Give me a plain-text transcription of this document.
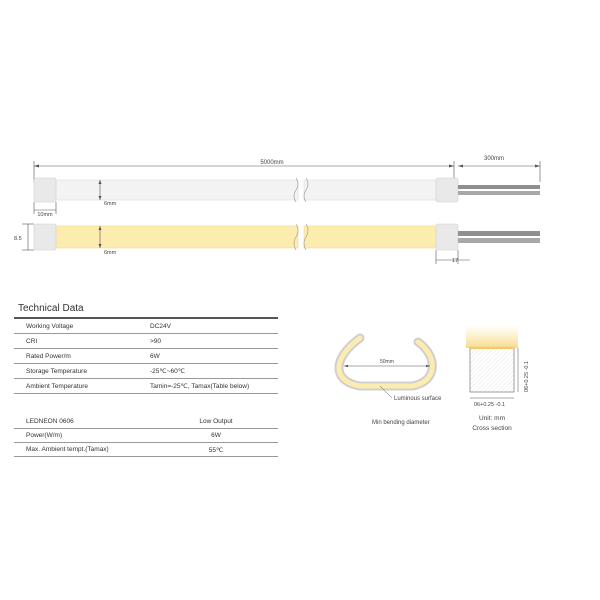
5000mm
300mm
6mm
10mm
6mm
8.5
17
Technical Data
Working Voltage	DC24V
CRI	>90
Rated Power/m	6W
Storage Temperature	-25℃~60℃
Ambient Temperature	Tamin=-25℃, Tamax(Table below)
LEDNEON 0606	Low Output
Power(W/m)	6W
Max. Ambient tempt.(Tamax)	55℃
50mm
Luminous surface
Min bending diameter
06+0.25 -0.1
06+0.25 -0.1
Unit: mm
Cross section
